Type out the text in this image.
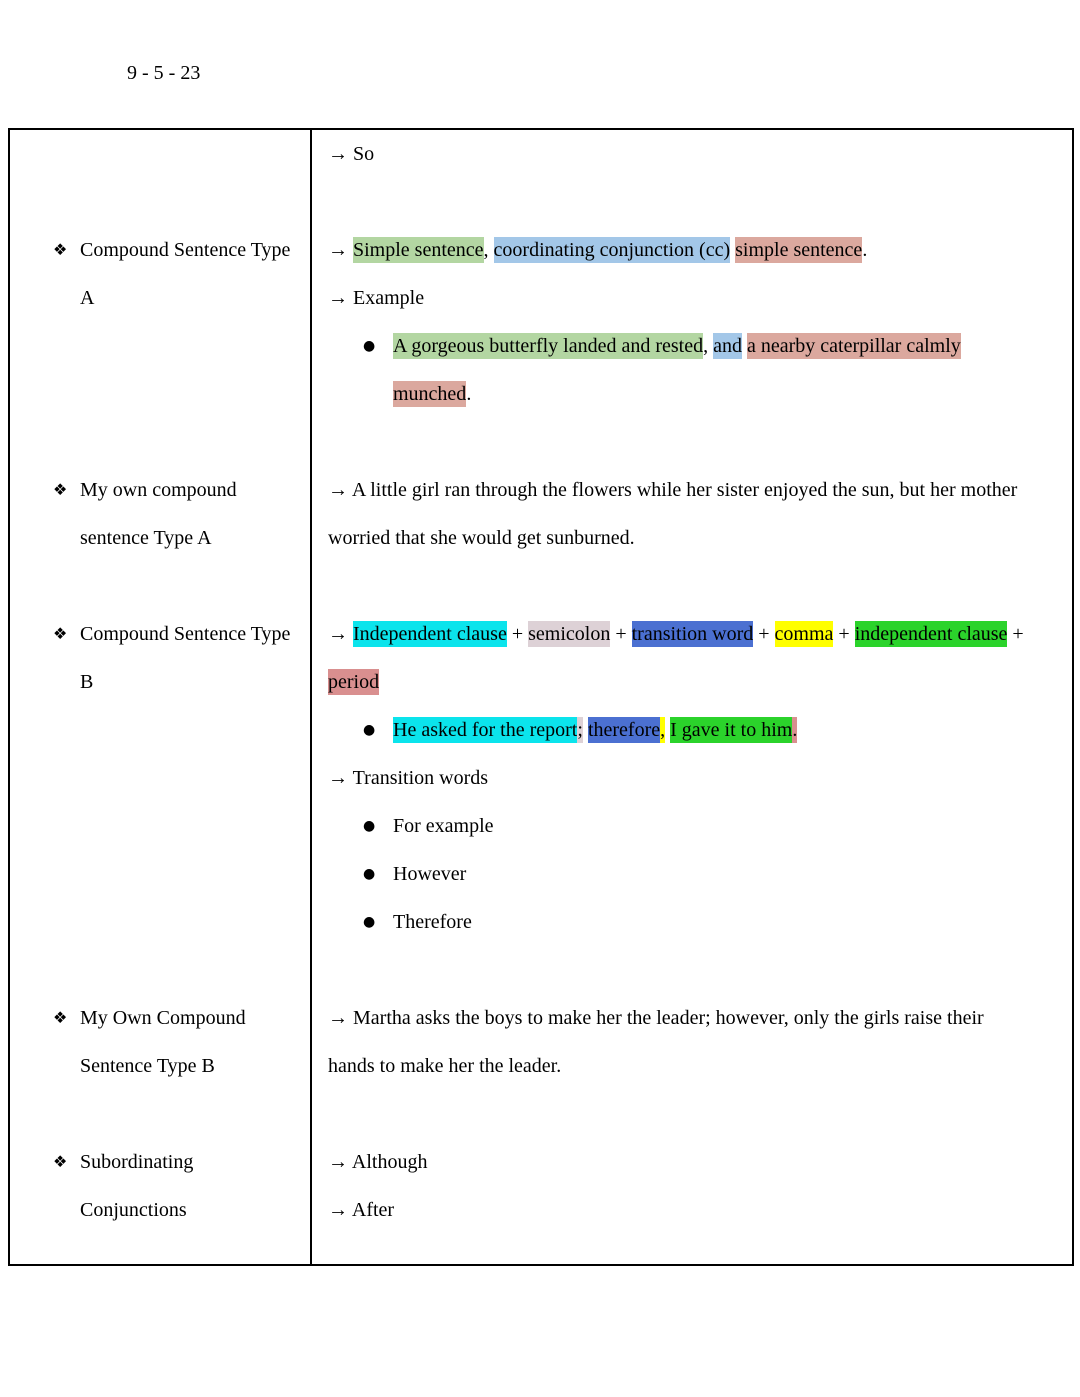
9 - 5 - 23
❖ Compound Sentence Type
A
❖ My own compound
sentence Type A
❖ Compound Sentence Type
B
❖ My Own Compound
Sentence Type B
❖ Subordinating
Conjunctions
→ So
→ Simple sentence, coordinating conjunction (cc) simple sentence.
→ Example
● A gorgeous butterfly landed and rested, and a nearby caterpillar calmly
munched.
→ A little girl ran through the flowers while her sister enjoyed the sun, but her mother
worried that she would get sunburned.
→ Independent clause + semicolon + transition word + comma + independent clause +
period
● He asked for the report; therefore, I gave it to him.
→ Transition words
● For example
● However
● Therefore
→ Martha asks the boys to make her the leader; however, only the girls raise their
hands to make her the leader.
→ Although
→ After
